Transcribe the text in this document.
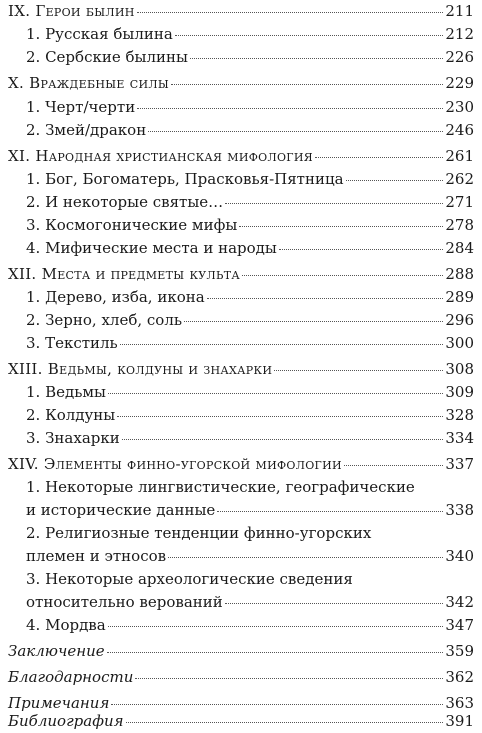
IX. Герои былин	211
1. Русская былина	212
2. Сербские былины	226
X. Враждебные силы	229
1. Черт/черти	230
2. Змей/дракон	246
XI. Народная христианская мифология	261
1. Бог, Богоматерь, Прасковья-Пятница	262
2. И некоторые святые…	271
3. Космогонические мифы	278
4. Мифические места и народы	284
XII. Места и предметы культа	288
1. Дерево, изба, икона	289
2. Зерно, хлеб, соль	296
3. Текстиль	300
XIII. Ведьмы, колдуны и знахарки	308
1. Ведьмы	309
2. Колдуны	328
3. Знахарки	334
XIV. Элементы финно-угорской мифологии	337
1. Некоторые лингвистические, географические
и исторические данные	338
2. Религиозные тенденции финно-угорских
племен и этносов	340
3. Некоторые археологические сведения
относительно верований	342
4. Мордва	347
Заключение	359
Благодарности	362
Примечания	363
Библиография	391
